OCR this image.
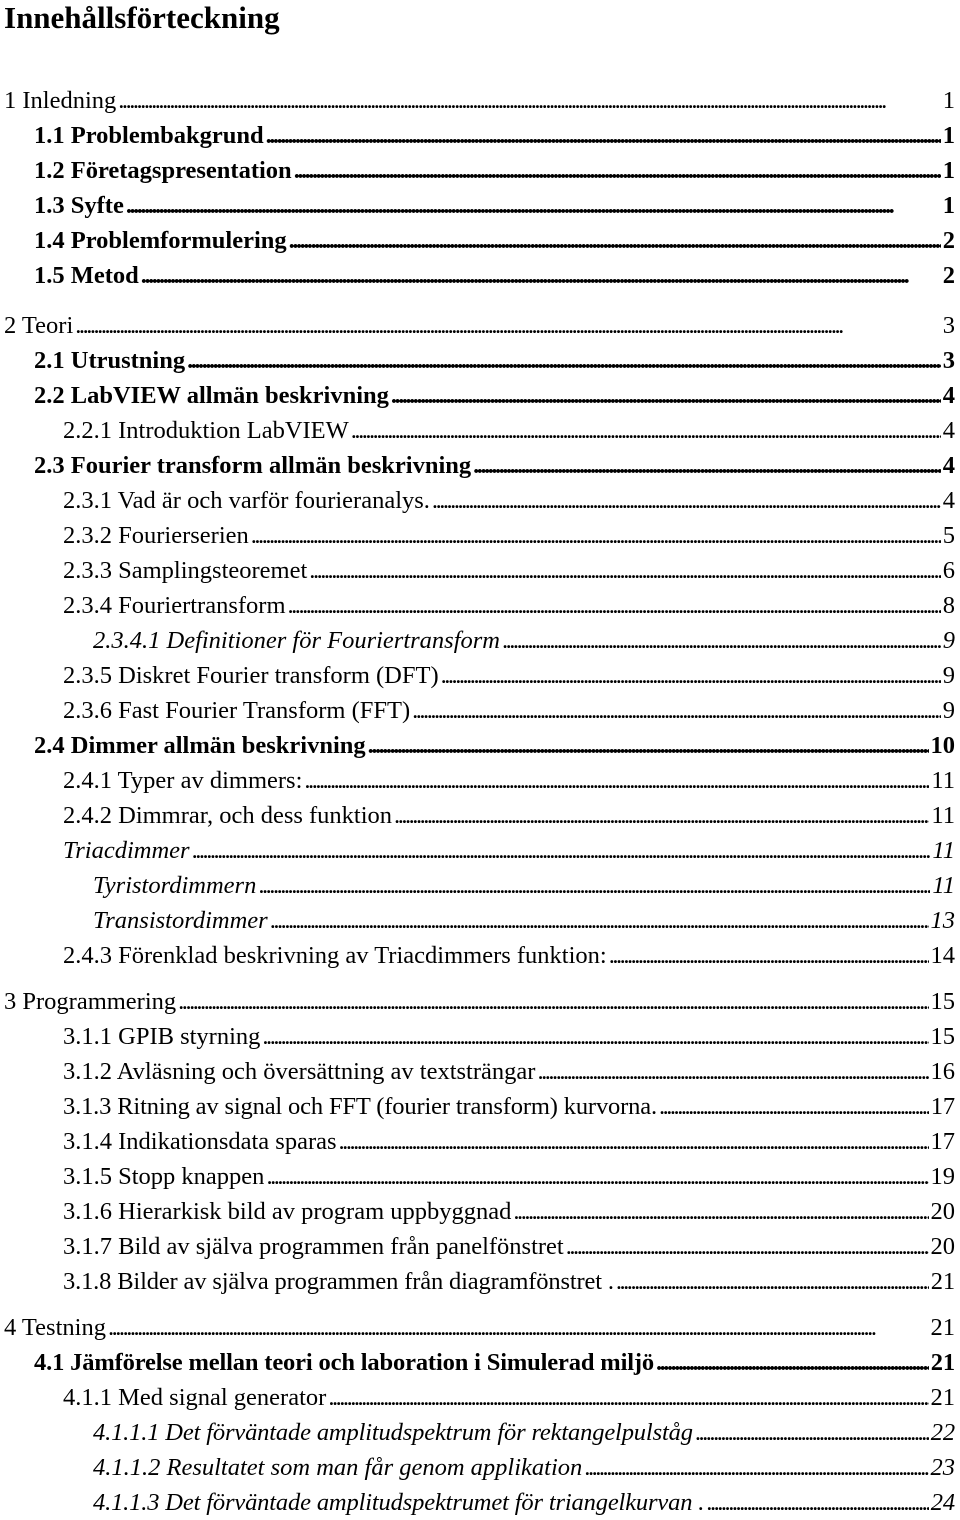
Innehållsförteckning
1 Inledning . . .	1
1.1 Problembakgrund . . .	1
1.2 Företagspresentation . . .	1
1.3 Syfte . . .	1
1.4 Problemformulering . . .	2
1.5 Metod . . .	2
2 Teori . . .	3
2.1 Utrustning . . .	3
2.2 LabVIEW allmän beskrivning . . .	4
2.2.1 Introduktion LabVIEW . . .	4
2.3 Fourier transform allmän beskrivning . . .	4
2.3.1 Vad är och varför fourieranalys. . . .	4
2.3.2 Fourierserien . . .	5
2.3.3 Samplingsteoremet . . .	6
2.3.4 Fouriertransform . . .	8
2.3.4.1 Definitioner för Fouriertransform . . .	9
2.3.5 Diskret Fourier transform (DFT) . . .	9
2.3.6 Fast Fourier Transform (FFT) . . .	9
2.4 Dimmer allmän beskrivning . . .	10
2.4.1 Typer av dimmers: . . .	11
2.4.2 Dimmrar, och dess funktion . . .	11
Triacdimmer . . .	11
Tyristordimmern . . .	11
Transistordimmer . . .	13
2.4.3 Förenklad beskrivning av Triacdimmers funktion: . . .	14
3 Programmering . . .	15
3.1.1 GPIB styrning . . .	15
3.1.2 Avläsning och översättning av textsträngar . . .	16
3.1.3 Ritning av signal och FFT (fourier transform) kurvorna. . . .	17
3.1.4 Indikationsdata sparas . . .	17
3.1.5 Stopp knappen . . .	19
3.1.6 Hierarkisk bild av program uppbyggnad . . .	20
3.1.7 Bild av själva programmen från panelfönstret . . .	20
3.1.8 Bilder av själva programmen från diagramfönstret . . . .	21
4 Testning . . .	21
4.1 Jämförelse mellan teori och laboration i Simulerad miljö . . .	21
4.1.1 Med signal generator . . .	21
4.1.1.1 Det förväntade amplitudspektrum för rektangelpulståg . . .	22
4.1.1.2 Resultatet som man får genom applikation . . .	23
4.1.1.3 Det förväntade amplitudspektrumet för triangelkurvan . . . .	24
